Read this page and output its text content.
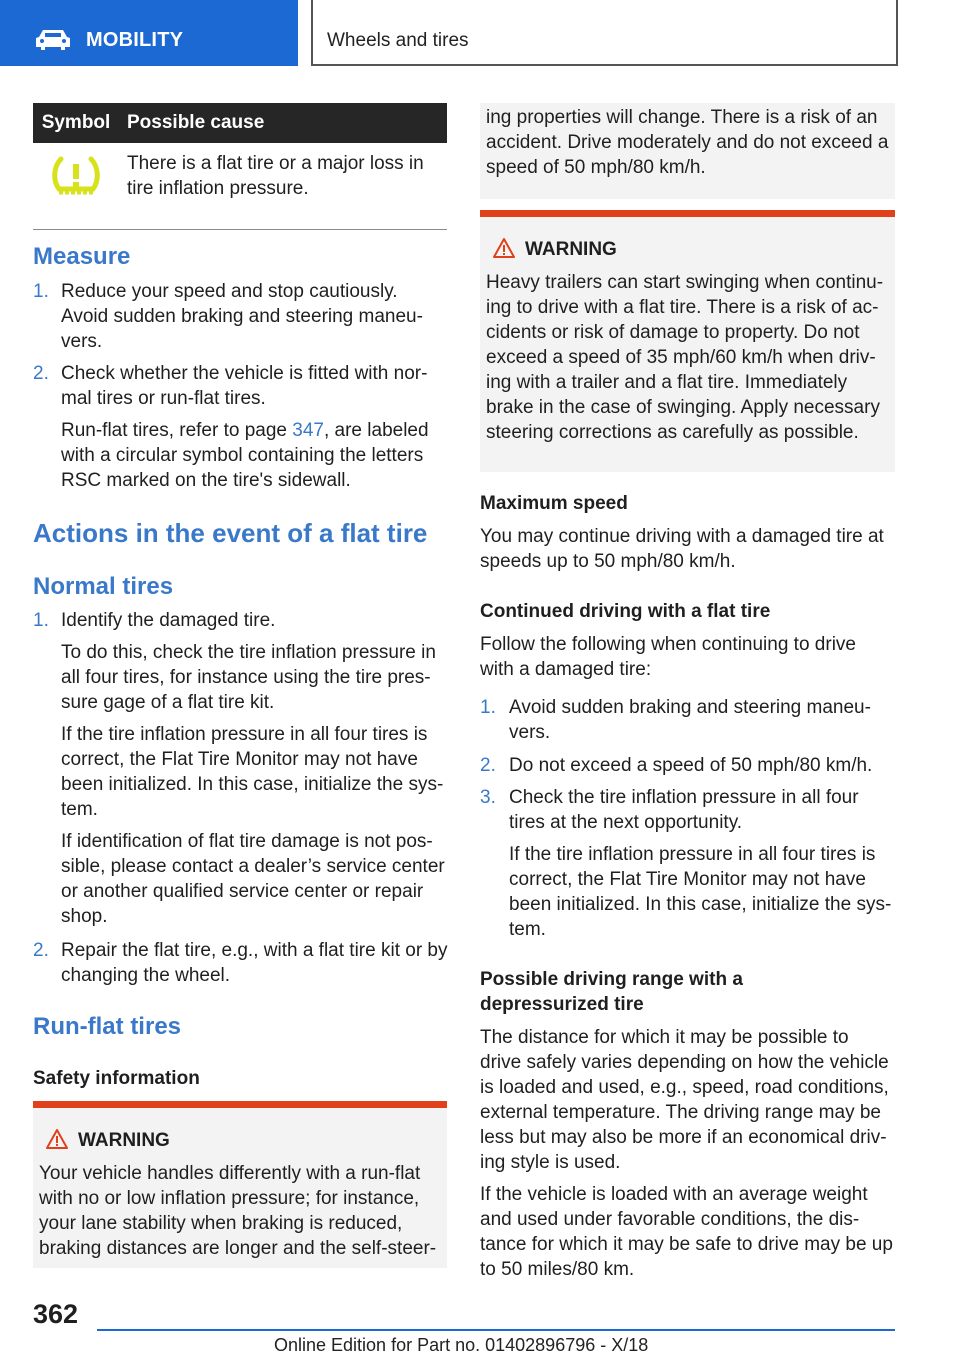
MOBILITY	Wheels and tires
Symbol	Possible cause

There is a flat tire or a major loss in
tire inflation pressure.
Measure
1. Reduce your speed and stop cautiously.
Avoid sudden braking and steering maneu-
vers.
2. Check whether the vehicle is fitted with nor-
mal tires or run-flat tires.
Run-flat tires, refer to page 347, are labeled
with a circular symbol containing the letters
RSC marked on the tire's sidewall.
Actions in the event of a flat tire
Normal tires
1. Identify the damaged tire.
To do this, check the tire inflation pressure in
all four tires, for instance using the tire pres-
sure gage of a flat tire kit.
If the tire inflation pressure in all four tires is
correct, the Flat Tire Monitor may not have
been initialized. In this case, initialize the sys-
tem.
If identification of flat tire damage is not pos-
sible, please contact a dealer’s service center
or another qualified service center or repair
shop.
2. Repair the flat tire, e.g., with a flat tire kit or by
changing the wheel.
Run-flat tires
Safety information
WARNING
Your vehicle handles differently with a run-flat
with no or low inflation pressure; for instance,
your lane stability when braking is reduced,
braking distances are longer and the self-steer-
ing properties will change. There is a risk of an
accident. Drive moderately and do not exceed a
speed of 50 mph/80 km/h.
WARNING
Heavy trailers can start swinging when continu-
ing to drive with a flat tire. There is a risk of ac-
cidents or risk of damage to property. Do not
exceed a speed of 35 mph/60 km/h when driv-
ing with a trailer and a flat tire. Immediately
brake in the case of swinging. Apply necessary
steering corrections as carefully as possible.
Maximum speed
You may continue driving with a damaged tire at
speeds up to 50 mph/80 km/h.
Continued driving with a flat tire
Follow the following when continuing to drive
with a damaged tire:
1. Avoid sudden braking and steering maneu-
vers.
2. Do not exceed a speed of 50 mph/80 km/h.
3. Check the tire inflation pressure in all four
tires at the next opportunity.
If the tire inflation pressure in all four tires is
correct, the Flat Tire Monitor may not have
been initialized. In this case, initialize the sys-
tem.
Possible driving range with a
depressurized tire
The distance for which it may be possible to
drive safely varies depending on how the vehicle
is loaded and used, e.g., speed, road conditions,
external temperature. The driving range may be
less but may also be more if an economical driv-
ing style is used.
If the vehicle is loaded with an average weight
and used under favorable conditions, the dis-
tance for which it may be safe to drive may be up
to 50 miles/80 km.
362
Online Edition for Part no. 01402896796 - X/18
